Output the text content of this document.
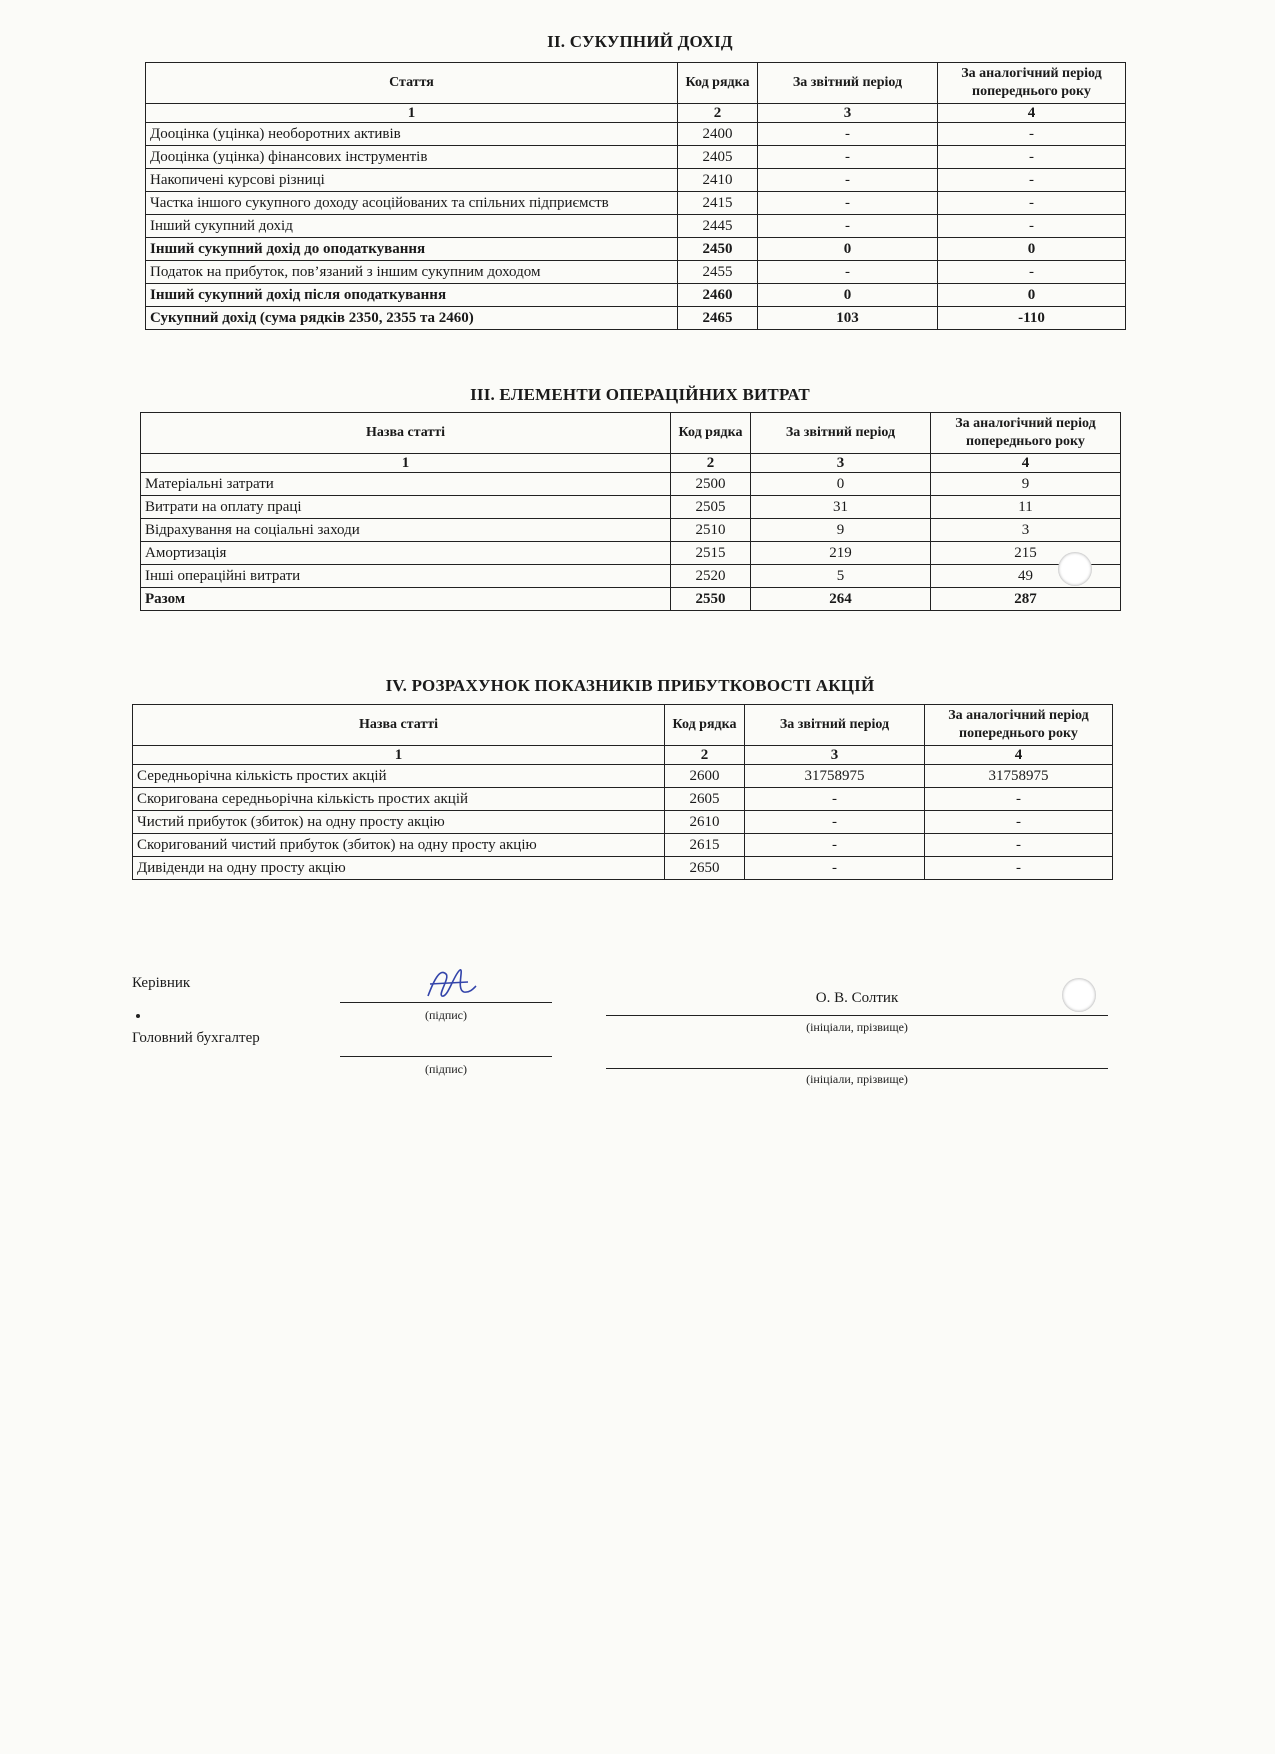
ІІ. СУКУПНИЙ ДОХІД
Стаття	Код рядка	За звітний період	За аналогічний період попереднього року
1	2	3	4
Дооцінка (уцінка) необоротних активів	2400	-	-
Дооцінка (уцінка) фінансових інструментів	2405	-	-
Накопичені курсові різниці	2410	-	-
Частка іншого сукупного доходу асоційованих та спільних підприємств	2415	-	-
Інший сукупний дохід	2445	-	-
Інший сукупний дохід до оподаткування	2450	0	0
Податок на прибуток, пов’язаний з іншим сукупним доходом	2455	-	-
Інший сукупний дохід після оподаткування	2460	0	0
Сукупний дохід (сума рядків 2350, 2355 та 2460)	2465	103	-110
ІІІ. ЕЛЕМЕНТИ ОПЕРАЦІЙНИХ ВИТРАТ
Назва статті	Код рядка	За звітний період	За аналогічний період попереднього року
1	2	3	4
Матеріальні затрати	2500	0	9
Витрати на оплату праці	2505	31	11
Відрахування на соціальні заходи	2510	9	3
Амортизація	2515	219	215
Інші операційні витрати	2520	5	49
Разом	2550	264	287
IV. РОЗРАХУНОК ПОКАЗНИКІВ ПРИБУТКОВОСТІ АКЦІЙ
Назва статті	Код рядка	За звітний період	За аналогічний період попереднього року
1	2	3	4
Середньорічна кількість простих акцій	2600	31758975	31758975
Скоригована середньорічна кількість простих акцій	2605	-	-
Чистий прибуток (збиток) на одну просту акцію	2610	-	-
Скоригований чистий прибуток (збиток) на одну просту акцію	2615	-	-
Дивіденди на одну просту акцію	2650	-	-
Керівник
(підпис)
О. В. Солтик
(ініціали, прізвище)
Головний бухгалтер
(підпис)
(ініціали, прізвище)
